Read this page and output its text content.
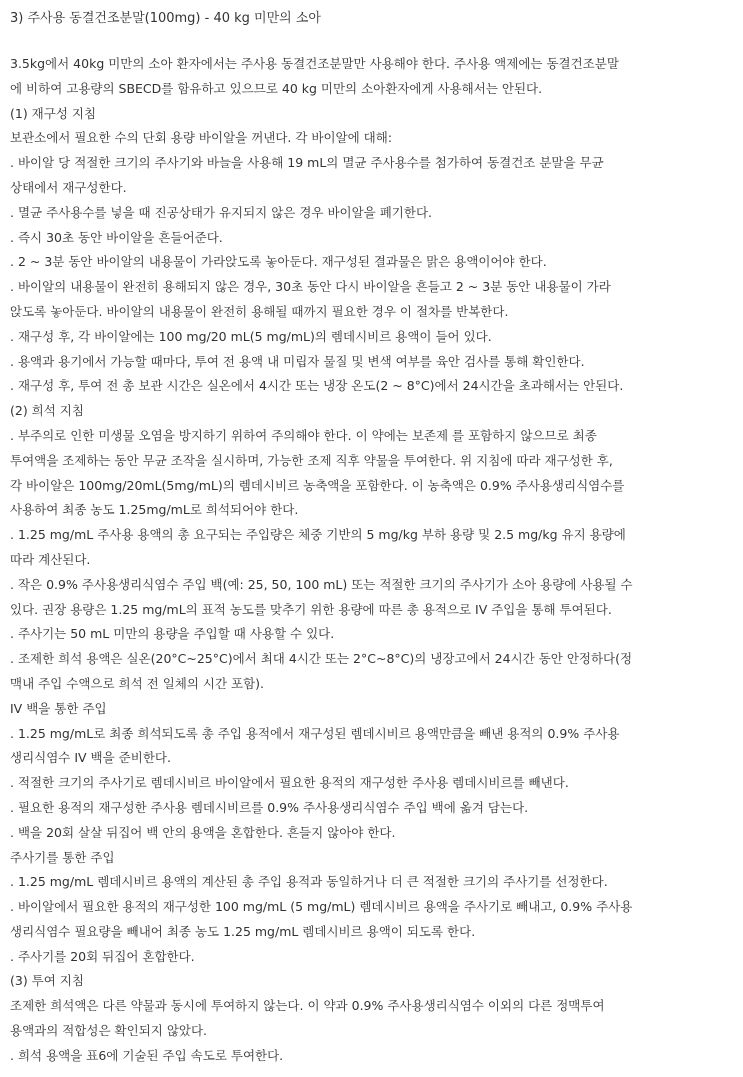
3) 주사용 동결건조분말(100mg) - 40 kg 미만의 소아

3.5kg에서 40kg 미만의 소아 환자에서는 주사용 동결건조분말만 사용해야 한다. 주사용 액제에는 동결건조분말

에 비하여 고용량의 SBECD를 함유하고 있으므로 40 kg 미만의 소아환자에게 사용해서는 안된다.

(1) 재구성 지침

보관소에서 필요한 수의 단회 용량 바이알을 꺼낸다. 각 바이알에 대해:

. 바이알 당 적절한 크기의 주사기와 바늘을 사용해 19 mL의 멸균 주사용수를 첨가하여 동결건조 분말을 무균

상태에서 재구성한다.

. 멸균 주사용수를 넣을 때 진공상태가 유지되지 않은 경우 바이알을 폐기한다.

. 즉시 30초 동안 바이알을 흔들어준다.

. 2 ~ 3분 동안 바이알의 내용물이 가라앉도록 놓아둔다. 재구성된 결과물은 맑은 용액이어야 한다.

. 바이알의 내용물이 완전히 용해되지 않은 경우, 30초 동안 다시 바이알을 흔들고 2 ~ 3분 동안 내용물이 가라

앉도록 놓아둔다. 바이알의 내용물이 완전히 용해될 때까지 필요한 경우 이 절차를 반복한다.

. 재구성 후, 각 바이알에는 100 mg/20 mL(5 mg/mL)의 렘데시비르 용액이 들어 있다.

. 용액과 용기에서 가능할 때마다, 투여 전 용액 내 미립자 물질 및 변색 여부를 육안 검사를 통해 확인한다.

. 재구성 후, 투여 전 총 보관 시간은 실온에서 4시간 또는 냉장 온도(2 ~ 8°C)에서 24시간을 초과해서는 안된다.

(2) 희석 지침

. 부주의로 인한 미생물 오염을 방지하기 위하여 주의해야 한다. 이 약에는 보존제 를 포함하지 않으므로 최종

투여액을 조제하는 동안 무균 조작을 실시하며, 가능한 조제 직후 약물을 투여한다. 위 지침에 따라 재구성한 후,

각 바이알은 100mg/20mL(5mg/mL)의 렘데시비르 농축액을 포함한다. 이 농축액은 0.9% 주사용생리식염수를

사용하여 최종 농도 1.25mg/mL로 희석되어야 한다.

. 1.25 mg/mL 주사용 용액의 총 요구되는 주입량은 체중 기반의 5 mg/kg 부하 용량 및 2.5 mg/kg 유지 용량에

따라 계산된다.

. 작은 0.9% 주사용생리식염수 주입 백(예: 25, 50, 100 mL) 또는 적절한 크기의 주사기가 소아 용량에 사용될 수

있다. 권장 용량은 1.25 mg/mL의 표적 농도를 맞추기 위한 용량에 따른 총 용적으로 IV 주입을 통해 투여된다.

. 주사기는 50 mL 미만의 용량을 주입할 때 사용할 수 있다.

. 조제한 희석 용액은 실온(20°C~25°C)에서 최대 4시간 또는 2°C~8°C)의 냉장고에서 24시간 동안 안정하다(정

맥내 주입 수액으로 희석 전 일체의 시간 포함).

IV 백을 통한 주입

. 1.25 mg/mL로 최종 희석되도록 총 주입 용적에서 재구성된 렘데시비르 용액만큼을 빼낸 용적의 0.9% 주사용

생리식염수 IV 백을 준비한다.

. 적절한 크기의 주사기로 렘데시비르 바이알에서 필요한 용적의 재구성한 주사용 렘데시비르를 빼낸다.

. 필요한 용적의 재구성한 주사용 렘데시비르를 0.9% 주사용생리식염수 주입 백에 옮겨 담는다.

. 백을 20회 살살 뒤집어 백 안의 용액을 혼합한다. 흔들지 않아야 한다.

주사기를 통한 주입

. 1.25 mg/mL 렘데시비르 용액의 계산된 총 주입 용적과 동일하거나 더 큰 적절한 크기의 주사기를 선정한다.

. 바이알에서 필요한 용적의 재구성한 100 mg/mL (5 mg/mL) 렘데시비르 용액을 주사기로 빼내고, 0.9% 주사용

생리식염수 필요량을 빼내어 최종 농도 1.25 mg/mL 렘데시비르 용액이 되도록 한다.

. 주사기를 20회 뒤집어 혼합한다.

(3) 투여 지침

조제한 희석액은 다른 약물과 동시에 투여하지 않는다. 이 약과 0.9% 주사용생리식염수 이외의 다른 정맥투여

용액과의 적합성은 확인되지 않았다.

. 희석 용액을 표6에 기술된 주입 속도로 투여한다.
